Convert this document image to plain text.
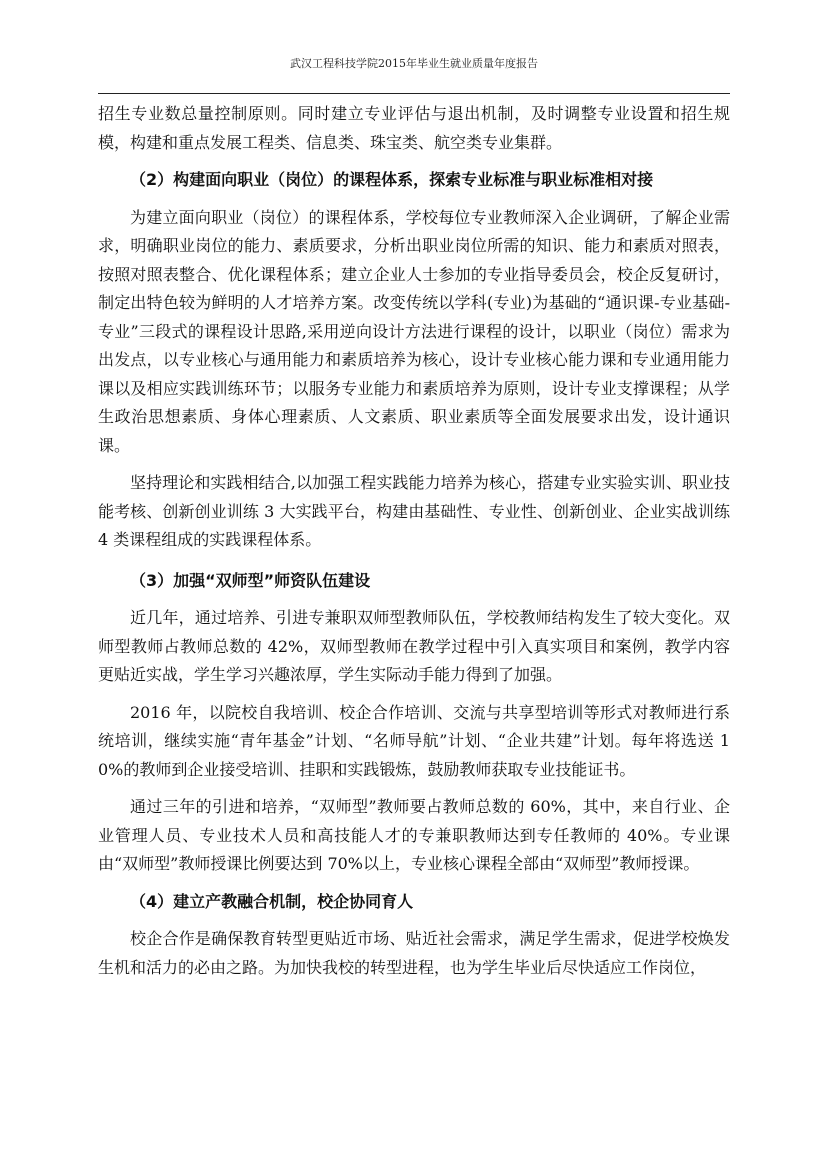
武汉工程科技学院2015年毕业生就业质量年度报告

招生专业数总量控制原则。同时建立专业评估与退出机制，及时调整专业设置和招生规模，构建和重点发展工程类、信息类、珠宝类、航空类专业集群。

（2）构建面向职业（岗位）的课程体系，探索专业标准与职业标准相对接

为建立面向职业（岗位）的课程体系，学校每位专业教师深入企业调研，了解企业需求，明确职业岗位的能力、素质要求，分析出职业岗位所需的知识、能力和素质对照表，按照对照表整合、优化课程体系；建立企业人士参加的专业指导委员会，校企反复研讨，制定出特色较为鲜明的人才培养方案。改变传统以学科(专业)为基础的“通识课-专业基础-专业”三段式的课程设计思路,采用逆向设计方法进行课程的设计，以职业（岗位）需求为出发点，以专业核心与通用能力和素质培养为核心，设计专业核心能力课和专业通用能力课以及相应实践训练环节；以服务专业能力和素质培养为原则，设计专业支撑课程；从学生政治思想素质、身体心理素质、人文素质、职业素质等全面发展要求出发，设计通识课。

坚持理论和实践相结合,以加强工程实践能力培养为核心，搭建专业实验实训、职业技能考核、创新创业训练 3 大实践平台，构建由基础性、专业性、创新创业、企业实战训练 4 类课程组成的实践课程体系。

（3）加强“双师型”师资队伍建设

近几年，通过培养、引进专兼职双师型教师队伍，学校教师结构发生了较大变化。双师型教师占教师总数的 42%，双师型教师在教学过程中引入真实项目和案例，教学内容更贴近实战，学生学习兴趣浓厚，学生实际动手能力得到了加强。

2016 年，以院校自我培训、校企合作培训、交流与共享型培训等形式对教师进行系统培训，继续实施“青年基金”计划、“名师导航”计划、“企业共建”计划。每年将选送 10%的教师到企业接受培训、挂职和实践锻炼，鼓励教师获取专业技能证书。

通过三年的引进和培养，“双师型”教师要占教师总数的 60%，其中，来自行业、企业管理人员、专业技术人员和高技能人才的专兼职教师达到专任教师的 40%。专业课由“双师型”教师授课比例要达到 70%以上，专业核心课程全部由“双师型”教师授课。

（4）建立产教融合机制，校企协同育人

校企合作是确保教育转型更贴近市场、贴近社会需求，满足学生需求，促进学校焕发生机和活力的必由之路。为加快我校的转型进程，也为学生毕业后尽快适应工作岗位，
